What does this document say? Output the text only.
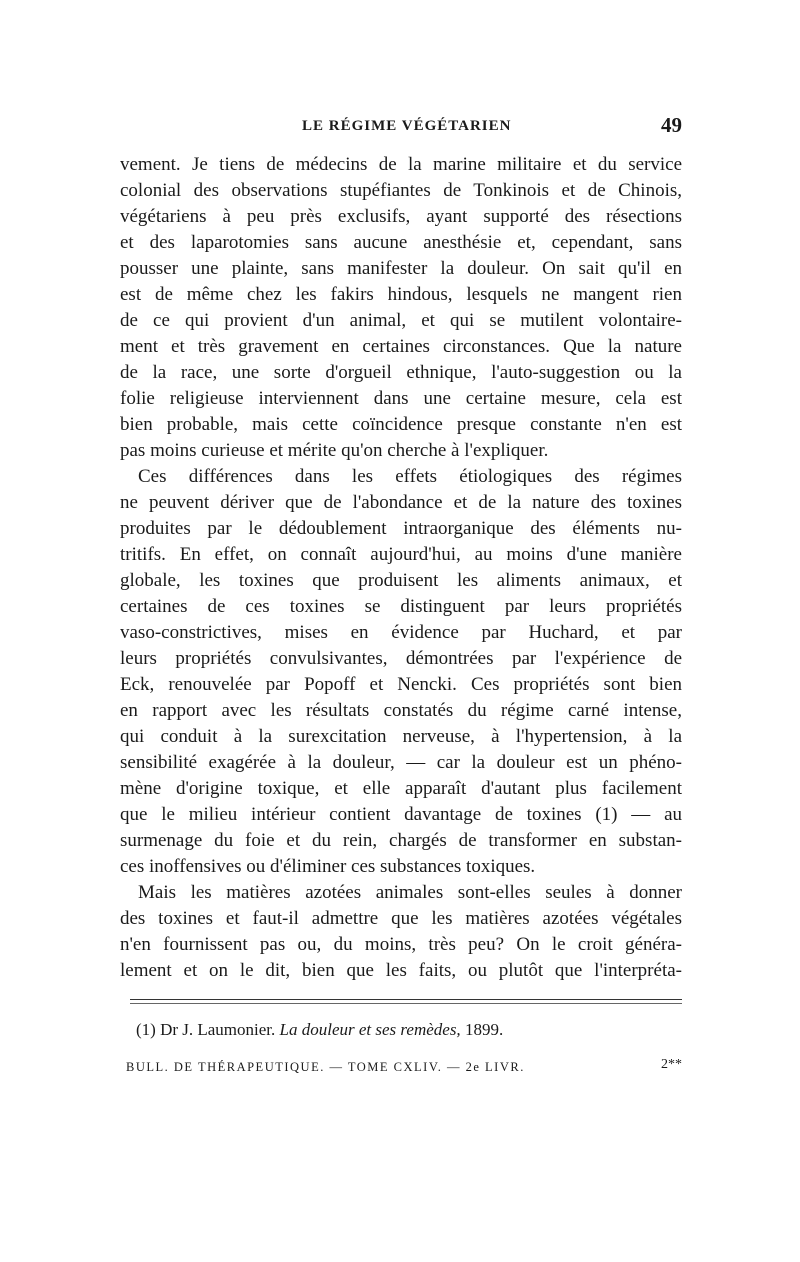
LE RÉGIME VÉGÉTARIEN	49
vement. Je tiens de médecins de la marine militaire et du service
colonial des observations stupéfiantes de Tonkinois et de Chinois,
végétariens à peu près exclusifs, ayant supporté des résections
et des laparotomies sans aucune anesthésie et, cependant, sans
pousser une plainte, sans manifester la douleur. On sait qu'il en
est de même chez les fakirs hindous, lesquels ne mangent rien
de ce qui provient d'un animal, et qui se mutilent volontaire-
ment et très gravement en certaines circonstances. Que la nature
de la race, une sorte d'orgueil ethnique, l'auto-suggestion ou la
folie religieuse interviennent dans une certaine mesure, cela est
bien probable, mais cette coïncidence presque constante n'en est
pas moins curieuse et mérite qu'on cherche à l'expliquer.
Ces différences dans les effets étiologiques des régimes
ne peuvent dériver que de l'abondance et de la nature des toxines
produites par le dédoublement intraorganique des éléments nu-
tritifs. En effet, on connaît aujourd'hui, au moins d'une manière
globale, les toxines que produisent les aliments animaux, et
certaines de ces toxines se distinguent par leurs propriétés
vaso-constrictives, mises en évidence par Huchard, et par
leurs propriétés convulsivantes, démontrées par l'expérience de
Eck, renouvelée par Popoff et Nencki. Ces propriétés sont bien
en rapport avec les résultats constatés du régime carné intense,
qui conduit à la surexcitation nerveuse, à l'hypertension, à la
sensibilité exagérée à la douleur, — car la douleur est un phéno-
mène d'origine toxique, et elle apparaît d'autant plus facilement
que le milieu intérieur contient davantage de toxines (1) — au
surmenage du foie et du rein, chargés de transformer en substan-
ces inoffensives ou d'éliminer ces substances toxiques.
Mais les matières azotées animales sont-elles seules à donner
des toxines et faut-il admettre que les matières azotées végétales
n'en fournissent pas ou, du moins, très peu? On le croit généra-
lement et on le dit, bien que les faits, ou plutôt que l'interpréta-
(1) Dr J. Laumonier. La douleur et ses remèdes, 1899.
BULL. DE THÉRAPEUTIQUE. — TOME CXLIV. — 2e LIVR.	2**
